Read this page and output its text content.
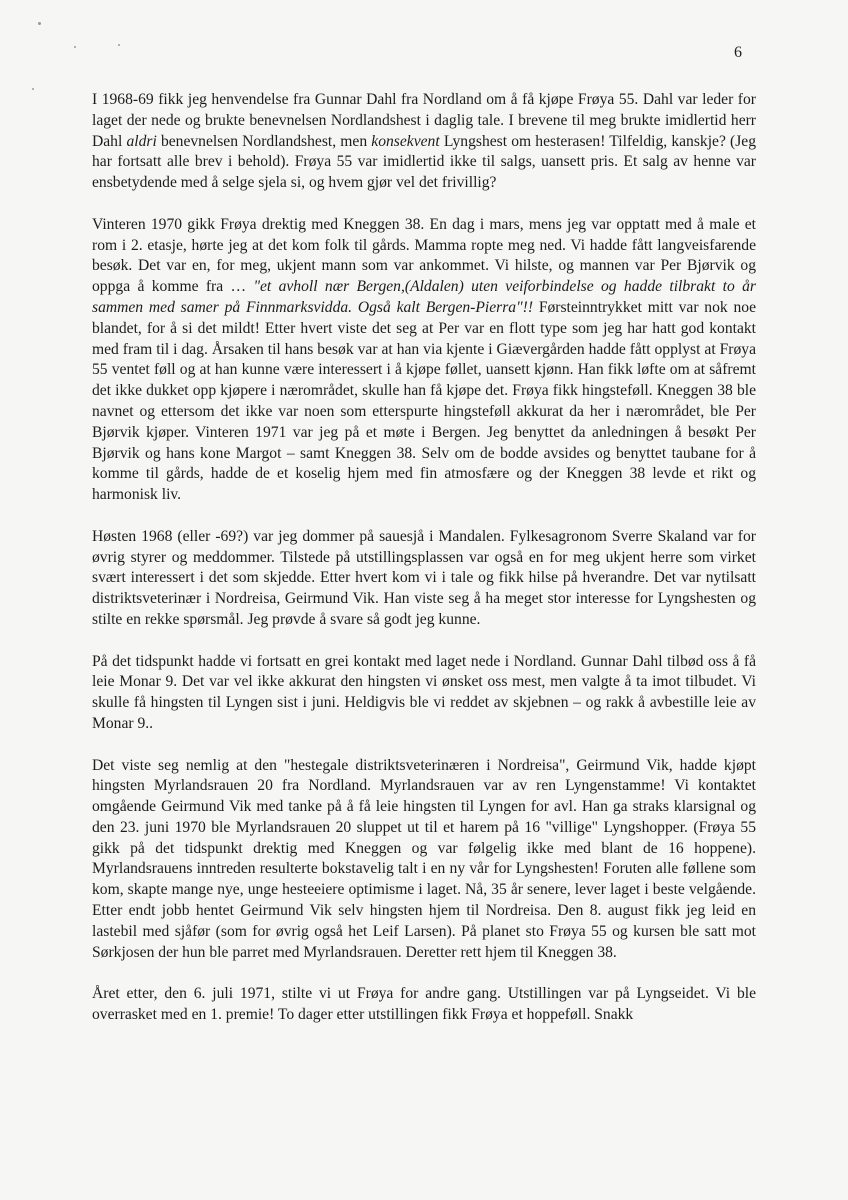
6

I 1968-69 fikk jeg henvendelse fra Gunnar Dahl fra Nordland om å få kjøpe Frøya 55. Dahl var leder for laget der nede og brukte benevnelsen Nordlandshest i daglig tale. I brevene til meg brukte imidlertid herr Dahl aldri benevnelsen Nordlandshest, men konsekvent Lyngshest om hesterasen! Tilfeldig, kanskje? (Jeg har fortsatt alle brev i behold). Frøya 55 var imidlertid ikke til salgs, uansett pris. Et salg av henne var ensbetydende med å selge sjela si, og hvem gjør vel det frivillig?

Vinteren 1970 gikk Frøya drektig med Kneggen 38. En dag i mars, mens jeg var opptatt med å male et rom i 2. etasje, hørte jeg at det kom folk til gårds. Mamma ropte meg ned. Vi hadde fått langveisfarende besøk. Det var en, for meg, ukjent mann som var ankommet. Vi hilste, og mannen var Per Bjørvik og oppga å komme fra … "et avholl nær Bergen,(Aldalen) uten veiforbindelse og hadde tilbrakt to år sammen med samer på Finnmarksvidda. Også kalt Bergen-Pierra"!! Førsteinntrykket mitt var nok noe blandet, for å si det mildt! Etter hvert viste det seg at Per var en flott type som jeg har hatt god kontakt med fram til i dag. Årsaken til hans besøk var at han via kjente i Giævergården hadde fått opplyst at Frøya 55 ventet føll og at han kunne være interessert i å kjøpe føllet, uansett kjønn. Han fikk løfte om at såfremt det ikke dukket opp kjøpere i nærområdet, skulle han få kjøpe det. Frøya fikk hingsteføll. Kneggen 38 ble navnet og ettersom det ikke var noen som etterspurte hingsteføll akkurat da her i nærområdet, ble Per Bjørvik kjøper. Vinteren 1971 var jeg på et møte i Bergen. Jeg benyttet da anledningen å besøkt Per Bjørvik og hans kone Margot – samt Kneggen 38. Selv om de bodde avsides og benyttet taubane for å komme til gårds, hadde de et koselig hjem med fin atmosfære og der Kneggen 38 levde et rikt og harmonisk liv.

Høsten 1968 (eller -69?) var jeg dommer på sauesjå i Mandalen. Fylkesagronom Sverre Skaland var for øvrig styrer og meddommer. Tilstede på utstillingsplassen var også en for meg ukjent herre som virket svært interessert i det som skjedde. Etter hvert kom vi i tale og fikk hilse på hverandre. Det var nytilsatt distriktsveterinær i Nordreisa, Geirmund Vik. Han viste seg å ha meget stor interesse for Lyngshesten og stilte en rekke spørsmål. Jeg prøvde å svare så godt jeg kunne.

På det tidspunkt hadde vi fortsatt en grei kontakt med laget nede i Nordland. Gunnar Dahl tilbød oss å få leie Monar 9. Det var vel ikke akkurat den hingsten vi ønsket oss mest, men valgte å ta imot tilbudet. Vi skulle få hingsten til Lyngen sist i juni. Heldigvis ble vi reddet av skjebnen – og rakk å avbestille leie av Monar 9..

Det viste seg nemlig at den "hestegale distriktsveterinæren i Nordreisa", Geirmund Vik, hadde kjøpt hingsten Myrlandsrauen 20 fra Nordland. Myrlandsrauen var av ren Lyngenstamme! Vi kontaktet omgående Geirmund Vik med tanke på å få leie hingsten til Lyngen for avl. Han ga straks klarsignal og den 23. juni 1970 ble Myrlandsrauen 20 sluppet ut til et harem på 16 "villige" Lyngshopper. (Frøya 55 gikk på det tidspunkt drektig med Kneggen og var følgelig ikke med blant de 16 hoppene). Myrlandsrauens inntreden resulterte bokstavelig talt i en ny vår for Lyngshesten! Foruten alle føllene som kom, skapte mange nye, unge hesteeiere optimisme i laget. Nå, 35 år senere, lever laget i beste velgående. Etter endt jobb hentet Geirmund Vik selv hingsten hjem til Nordreisa. Den 8. august fikk jeg leid en lastebil med sjåfør (som for øvrig også het Leif Larsen). På planet sto Frøya 55 og kursen ble satt mot Sørkjosen der hun ble parret med Myrlandsrauen. Deretter rett hjem til Kneggen 38.

Året etter, den 6. juli 1971, stilte vi ut Frøya for andre gang. Utstillingen var på Lyngseidet. Vi ble overrasket med en 1. premie! To dager etter utstillingen fikk Frøya et hoppeføll. Snakk
